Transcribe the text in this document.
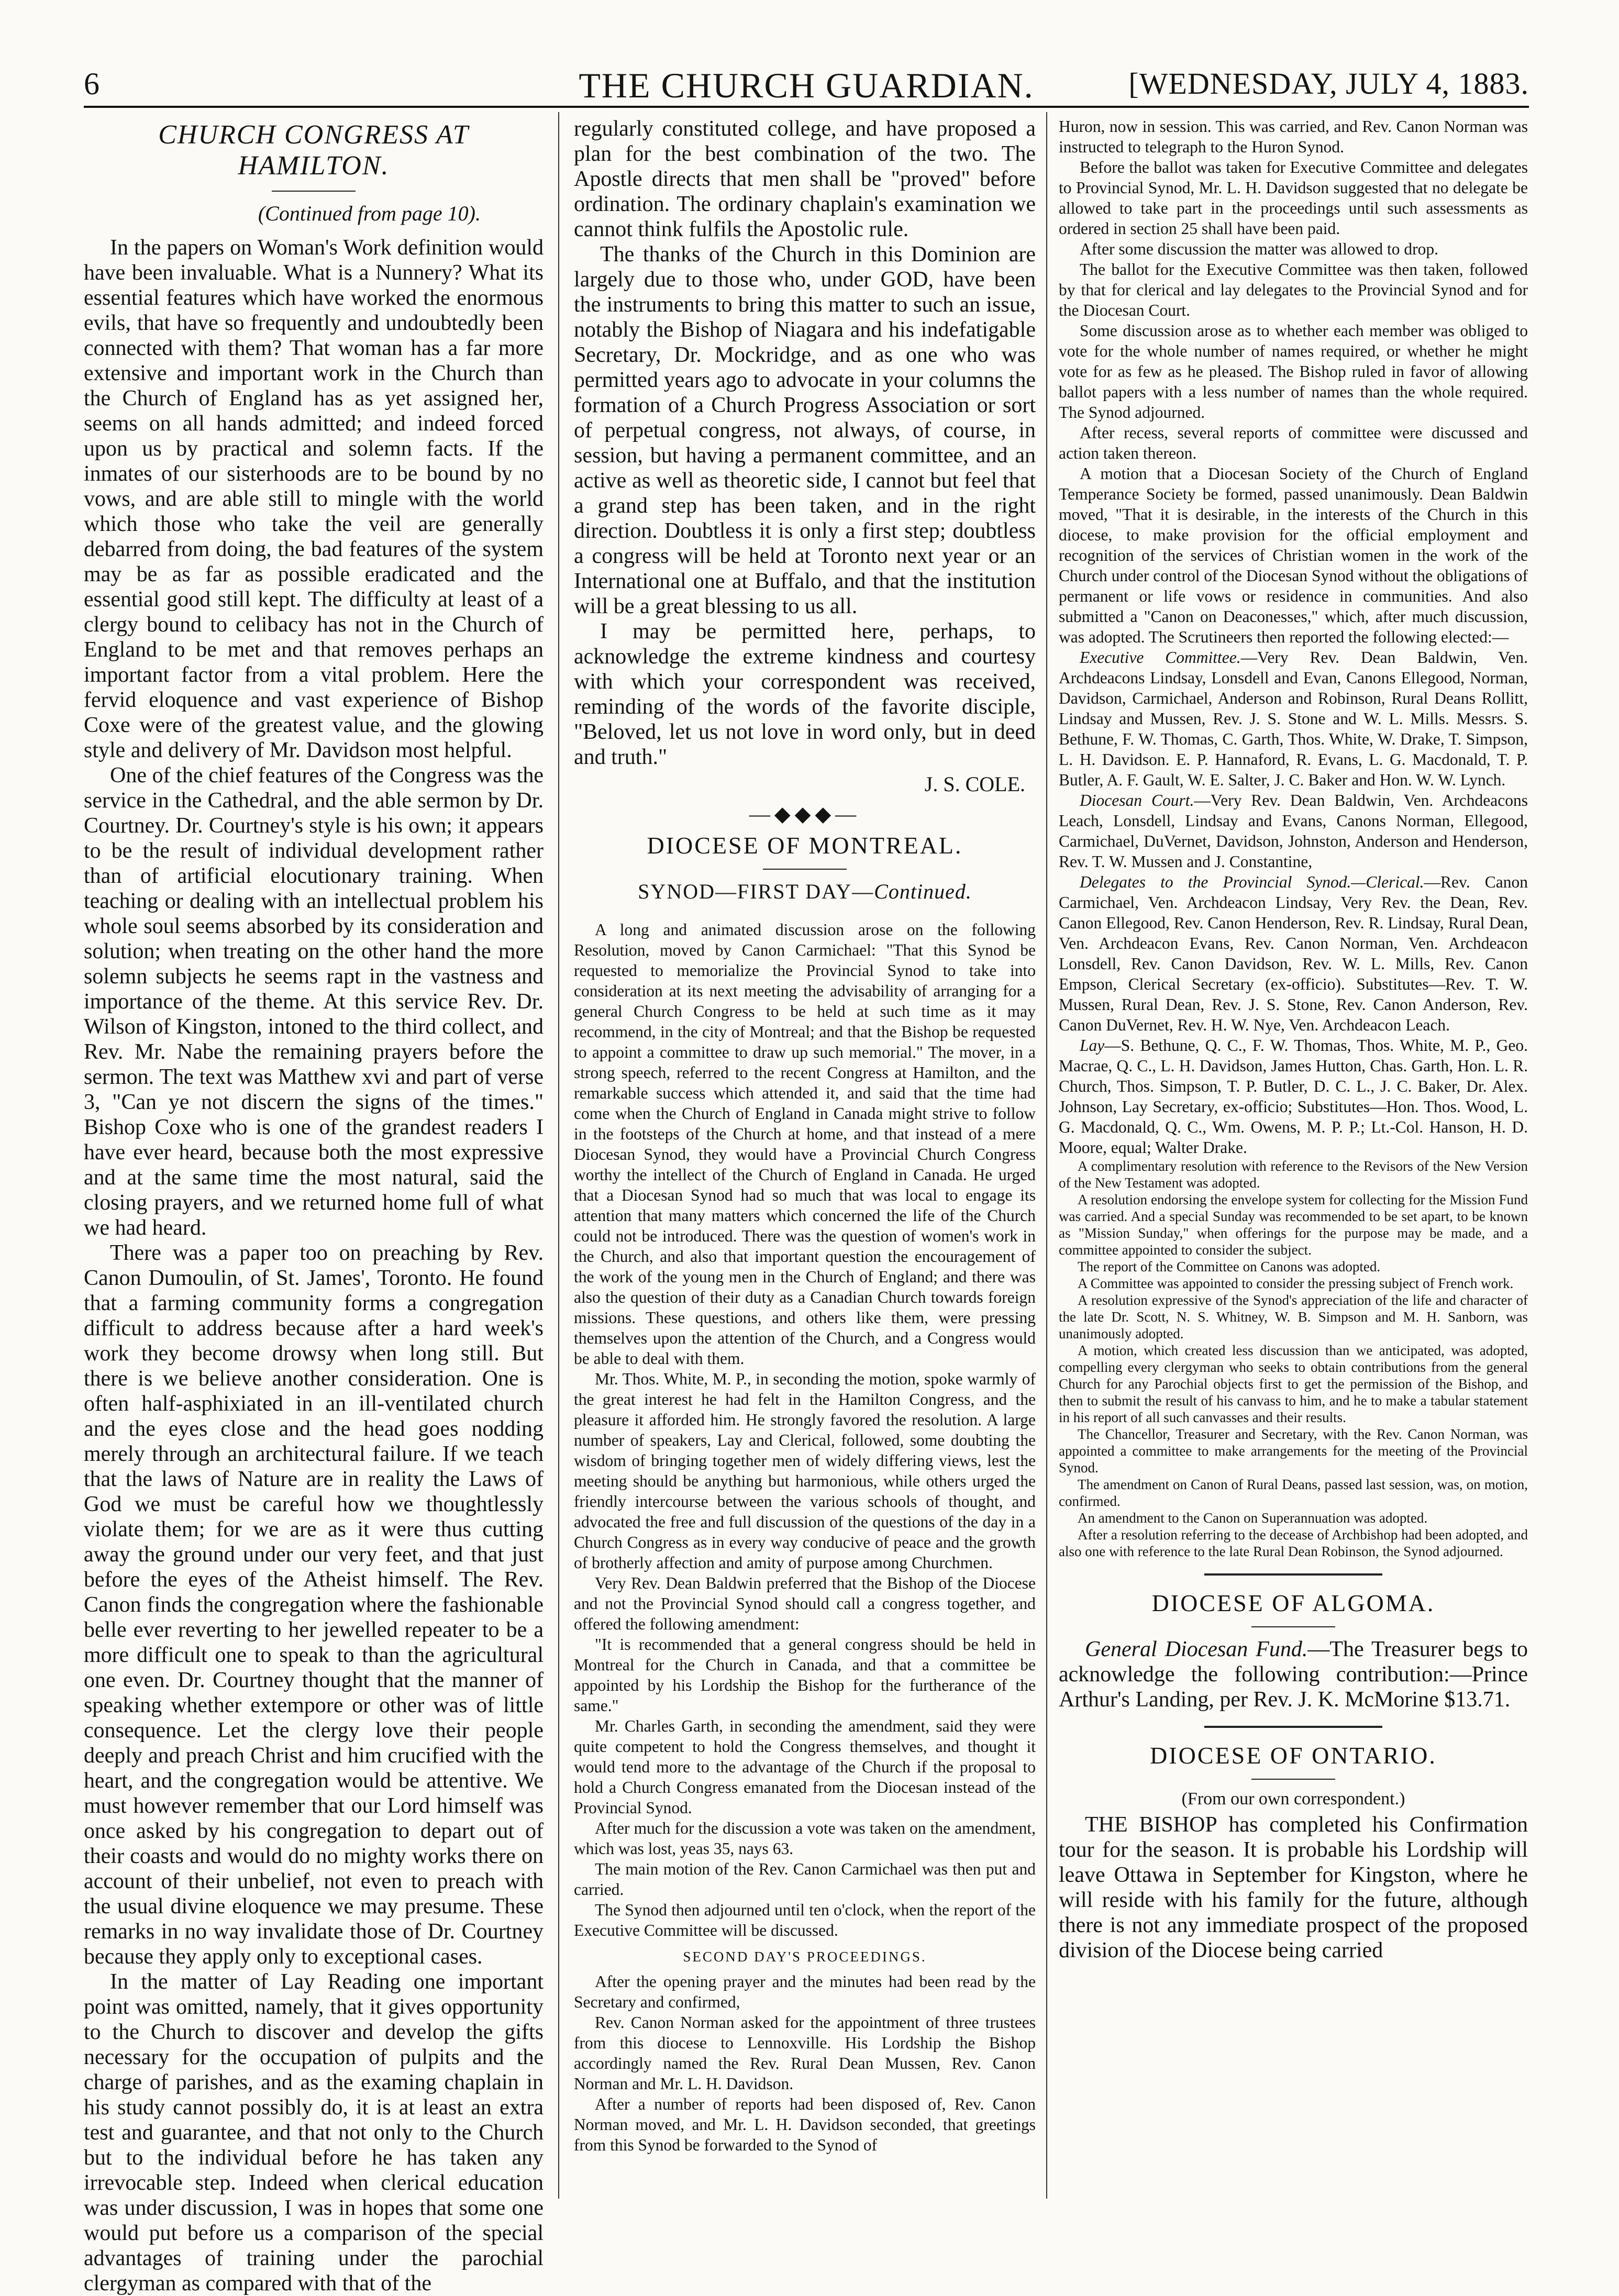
6	THE CHURCH GUARDIAN.	[WEDNESDAY, JULY 4, 1883.
CHURCH CONGRESS AT HAMILTON.
(Continued from page 10).

In the papers on Woman's Work definition would have been invaluable. What is a Nunnery? What its essential features which have worked the enormous evils, that have so frequently and undoubtedly been connected with them? That woman has a far more extensive and important work in the Church than the Church of England has as yet assigned her, seems on all hands admitted; and indeed forced upon us by practical and solemn facts. If the inmates of our sisterhoods are to be bound by no vows, and are able still to mingle with the world which those who take the veil are generally debarred from doing, the bad features of the system may be as far as possible eradicated and the essential good still kept. The difficulty at least of a clergy bound to celibacy has not in the Church of England to be met and that removes perhaps an important factor from a vital problem. Here the fervid eloquence and vast experience of Bishop Coxe were of the greatest value, and the glowing style and delivery of Mr. Davidson most helpful.

One of the chief features of the Congress was the service in the Cathedral, and the able sermon by Dr. Courtney. Dr. Courtney's style is his own; it appears to be the result of individual development rather than of artificial elocutionary training. When teaching or dealing with an intellectual problem his whole soul seems absorbed by its consideration and solution; when treating on the other hand the more solemn subjects he seems rapt in the vastness and importance of the theme. At this service Rev. Dr. Wilson of Kingston, intoned to the third collect, and Rev. Mr. Nabe the remaining prayers before the sermon. The text was Matthew xvi and part of verse 3, "Can ye not discern the signs of the times." Bishop Coxe who is one of the grandest readers I have ever heard, because both the most expressive and at the same time the most natural, said the closing prayers, and we returned home full of what we had heard.

There was a paper too on preaching by Rev. Canon Dumoulin, of St. James', Toronto. He found that a farming community forms a congregation difficult to address because after a hard week's work they become drowsy when long still. But there is we believe another consideration. One is often half-asphixiated in an ill-ventilated church and the eyes close and the head goes nodding merely through an architectural failure. If we teach that the laws of Nature are in reality the Laws of God we must be careful how we thoughtlessly violate them; for we are as it were thus cutting away the ground under our very feet, and that just before the eyes of the Atheist himself. The Rev. Canon finds the congregation where the fashionable belle ever reverting to her jewelled repeater to be a more difficult one to speak to than the agricultural one even. Dr. Courtney thought that the manner of speaking whether extempore or other was of little consequence. Let the clergy love their people deeply and preach Christ and him crucified with the heart, and the congregation would be attentive. We must however remember that our Lord himself was once asked by his congregation to depart out of their coasts and would do no mighty works there on account of their unbelief, not even to preach with the usual divine eloquence we may presume. These remarks in no way invalidate those of Dr. Courtney because they apply only to exceptional cases.

In the matter of Lay Reading one important point was omitted, namely, that it gives opportunity to the Church to discover and develop the gifts necessary for the occupation of pulpits and the charge of parishes, and as the examing chaplain in his study cannot possibly do, it is at least an extra test and guarantee, and that not only to the Church but to the individual before he has taken any irrevocable step. Indeed when clerical education was under discussion, I was in hopes that some one would put before us a comparison of the special advantages of training under the parochial clergyman as compared with that of the

regularly constituted college, and have proposed a plan for the best combination of the two. The Apostle directs that men shall be "proved" before ordination. The ordinary chaplain's examination we cannot think fulfils the Apostolic rule.

The thanks of the Church in this Dominion are largely due to those who, under GOD, have been the instruments to bring this matter to such an issue, notably the Bishop of Niagara and his indefatigable Secretary, Dr. Mockridge, and as one who was permitted years ago to advocate in your columns the formation of a Church Progress Association or sort of perpetual congress, not always, of course, in session, but having a permanent committee, and an active as well as theoretic side, I cannot but feel that a grand step has been taken, and in the right direction. Doubtless it is only a first step; doubtless a congress will be held at Toronto next year or an International one at Buffalo, and that the institution will be a great blessing to us all.

I may be permitted here, perhaps, to acknowledge the extreme kindness and courtesy with which your correspondent was received, reminding of the words of the favorite disciple, "Beloved, let us not love in word only, but in deed and truth."

J. S. COLE.
—◆◆◆—
DIOCESE OF MONTREAL.
SYNOD—FIRST DAY—Continued.

A long and animated discussion arose on the following Resolution, moved by Canon Carmichael: "That this Synod be requested to memorialize the Provincial Synod to take into consideration at its next meeting the advisability of arranging for a general Church Congress to be held at such time as it may recommend, in the city of Montreal; and that the Bishop be requested to appoint a committee to draw up such memorial." The mover, in a strong speech, referred to the recent Congress at Hamilton, and the remarkable success which attended it, and said that the time had come when the Church of England in Canada might strive to follow in the footsteps of the Church at home, and that instead of a mere Diocesan Synod, they would have a Provincial Church Congress worthy the intellect of the Church of England in Canada. He urged that a Diocesan Synod had so much that was local to engage its attention that many matters which concerned the life of the Church could not be introduced. There was the question of women's work in the Church, and also that important question the encouragement of the work of the young men in the Church of England; and there was also the question of their duty as a Canadian Church towards foreign missions. These questions, and others like them, were pressing themselves upon the attention of the Church, and a Congress would be able to deal with them.

Mr. Thos. White, M. P., in seconding the motion, spoke warmly of the great interest he had felt in the Hamilton Congress, and the pleasure it afforded him. He strongly favored the resolution. A large number of speakers, Lay and Clerical, followed, some doubting the wisdom of bringing together men of widely differing views, lest the meeting should be anything but harmonious, while others urged the friendly intercourse between the various schools of thought, and advocated the free and full discussion of the questions of the day in a Church Congress as in every way conducive of peace and the growth of brotherly affection and amity of purpose among Churchmen.

Very Rev. Dean Baldwin preferred that the Bishop of the Diocese and not the Provincial Synod should call a congress together, and offered the following amendment:

"It is recommended that a general congress should be held in Montreal for the Church in Canada, and that a committee be appointed by his Lordship the Bishop for the furtherance of the same."

Mr. Charles Garth, in seconding the amendment, said they were quite competent to hold the Congress themselves, and thought it would tend more to the advantage of the Church if the proposal to hold a Church Congress emanated from the Diocesan instead of the Provincial Synod.

After much for the discussion a vote was taken on the amendment, which was lost, yeas 35, nays 63.

The main motion of the Rev. Canon Carmichael was then put and carried.

The Synod then adjourned until ten o'clock, when the report of the Executive Committee will be discussed.

SECOND DAY'S PROCEEDINGS.

After the opening prayer and the minutes had been read by the Secretary and confirmed,

Rev. Canon Norman asked for the appointment of three trustees from this diocese to Lennoxville. His Lordship the Bishop accordingly named the Rev. Rural Dean Mussen, Rev. Canon Norman and Mr. L. H. Davidson.

After a number of reports had been disposed of, Rev. Canon Norman moved, and Mr. L. H. Davidson seconded, that greetings from this Synod be forwarded to the Synod of

Huron, now in session. This was carried, and Rev. Canon Norman was instructed to telegraph to the Huron Synod.

Before the ballot was taken for Executive Committee and delegates to Provincial Synod, Mr. L. H. Davidson suggested that no delegate be allowed to take part in the proceedings until such assessments as ordered in section 25 shall have been paid.

After some discussion the matter was allowed to drop.

The ballot for the Executive Committee was then taken, followed by that for clerical and lay delegates to the Provincial Synod and for the Diocesan Court.

Some discussion arose as to whether each member was obliged to vote for the whole number of names required, or whether he might vote for as few as he pleased. The Bishop ruled in favor of allowing ballot papers with a less number of names than the whole required. The Synod adjourned.

After recess, several reports of committee were discussed and action taken thereon.

A motion that a Diocesan Society of the Church of England Temperance Society be formed, passed unanimously. Dean Baldwin moved, "That it is desirable, in the interests of the Church in this diocese, to make provision for the official employment and recognition of the services of Christian women in the work of the Church under control of the Diocesan Synod without the obligations of permanent or life vows or residence in communities. And also submitted a "Canon on Deaconesses," which, after much discussion, was adopted. The Scrutineers then reported the following elected:—

Executive Committee.—Very Rev. Dean Baldwin, Ven. Archdeacons Lindsay, Lonsdell and Evan, Canons Ellegood, Norman, Davidson, Carmichael, Anderson and Robinson, Rural Deans Rollitt, Lindsay and Mussen, Rev. J. S. Stone and W. L. Mills. Messrs. S. Bethune, F. W. Thomas, C. Garth, Thos. White, W. Drake, T. Simpson, L. H. Davidson. E. P. Hannaford, R. Evans, L. G. Macdonald, T. P. Butler, A. F. Gault, W. E. Salter, J. C. Baker and Hon. W. W. Lynch.

Diocesan Court.—Very Rev. Dean Baldwin, Ven. Archdeacons Leach, Lonsdell, Lindsay and Evans, Canons Norman, Ellegood, Carmichael, DuVernet, Davidson, Johnston, Anderson and Henderson, Rev. T. W. Mussen and J. Constantine,

Delegates to the Provincial Synod.—Clerical.—Rev. Canon Carmichael, Ven. Archdeacon Lindsay, Very Rev. the Dean, Rev. Canon Ellegood, Rev. Canon Henderson, Rev. R. Lindsay, Rural Dean, Ven. Archdeacon Evans, Rev. Canon Norman, Ven. Archdeacon Lonsdell, Rev. Canon Davidson, Rev. W. L. Mills, Rev. Canon Empson, Clerical Secretary (ex-officio). Substitutes—Rev. T. W. Mussen, Rural Dean, Rev. J. S. Stone, Rev. Canon Anderson, Rev. Canon DuVernet, Rev. H. W. Nye, Ven. Archdeacon Leach.

Lay—S. Bethune, Q. C., F. W. Thomas, Thos. White, M. P., Geo. Macrae, Q. C., L. H. Davidson, James Hutton, Chas. Garth, Hon. L. R. Church, Thos. Simpson, T. P. Butler, D. C. L., J. C. Baker, Dr. Alex. Johnson, Lay Secretary, ex-officio; Substitutes—Hon. Thos. Wood, L. G. Macdonald, Q. C., Wm. Owens, M. P. P.; Lt.-Col. Hanson, H. D. Moore, equal; Walter Drake.

A complimentary resolution with reference to the Revisors of the New Version of the New Testament was adopted.

A resolution endorsing the envelope system for collecting for the Mission Fund was carried. And a special Sunday was recommended to be set apart, to be known as "Mission Sunday," when offerings for the purpose may be made, and a committee appointed to consider the subject.

The report of the Committee on Canons was adopted.

A Committee was appointed to consider the pressing subject of French work.

A resolution expressive of the Synod's appreciation of the life and character of the late Dr. Scott, N. S. Whitney, W. B. Simpson and M. H. Sanborn, was unanimously adopted.

A motion, which created less discussion than we anticipated, was adopted, compelling every clergyman who seeks to obtain contributions from the general Church for any Parochial objects first to get the permission of the Bishop, and then to submit the result of his canvass to him, and he to make a tabular statement in his report of all such canvasses and their results.

The Chancellor, Treasurer and Secretary, with the Rev. Canon Norman, was appointed a committee to make arrangements for the meeting of the Provincial Synod.

The amendment on Canon of Rural Deans, passed last session, was, on motion, confirmed.

An amendment to the Canon on Superannuation was adopted.

After a resolution referring to the decease of Archbishop had been adopted, and also one with reference to the late Rural Dean Robinson, the Synod adjourned.

DIOCESE OF ALGOMA.

General Diocesan Fund.—The Treasurer begs to acknowledge the following contribution:—Prince Arthur's Landing, per Rev. J. K. McMorine $13.71.

DIOCESE OF ONTARIO.
(From our own correspondent.)

THE BISHOP has completed his Confirmation tour for the season. It is probable his Lordship will leave Ottawa in September for Kingston, where he will reside with his family for the future, although there is not any immediate prospect of the proposed division of the Diocese being carried
